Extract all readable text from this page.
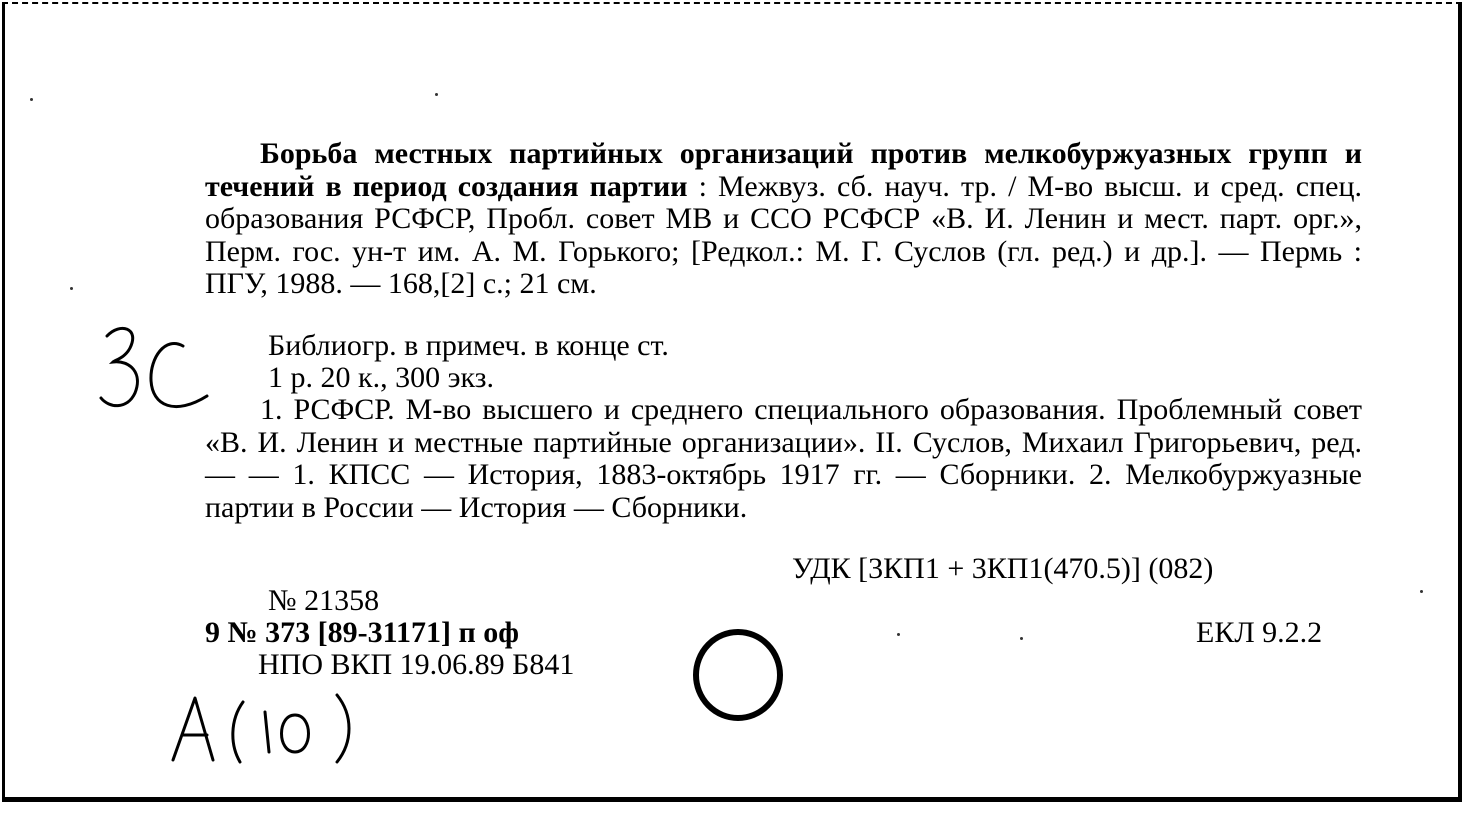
Борьба местных партийных организаций против мелкобуржуазных групп и течений в период создания партии : Межвуз. сб. науч. тр. / М-во высш. и сред. спец. образования РСФСР, Пробл. совет МВ и ССО РСФСР «В. И. Ленин и мест. парт. орг.», Перм. гос. ун-т им. А. М. Горького; [Редкол.: М. Г. Суслов (гл. ред.) и др.]. — Пермь : ПГУ, 1988. — 168,[2] с.; 21 см.

Библиогр. в примеч. в конце ст.
1 р. 20 к., 300 экз.

1. РСФСР. М-во высшего и среднего специального образования. Проблемный совет «В. И. Ленин и местные партийные организации». II. Суслов, Михаил Григорьевич, ред. — — 1. КПСС — История, 1883-октябрь 1917 гг. — Сборники. 2. Мелкобуржуазные партии в России — История — Сборники.

УДК [3КП1 + 3КП1(470.5)] (082)
№ 21358
9 № 373 [89-31171] п оф	ЕКЛ 9.2.2
НПО ВКП 19.06.89 Б841
